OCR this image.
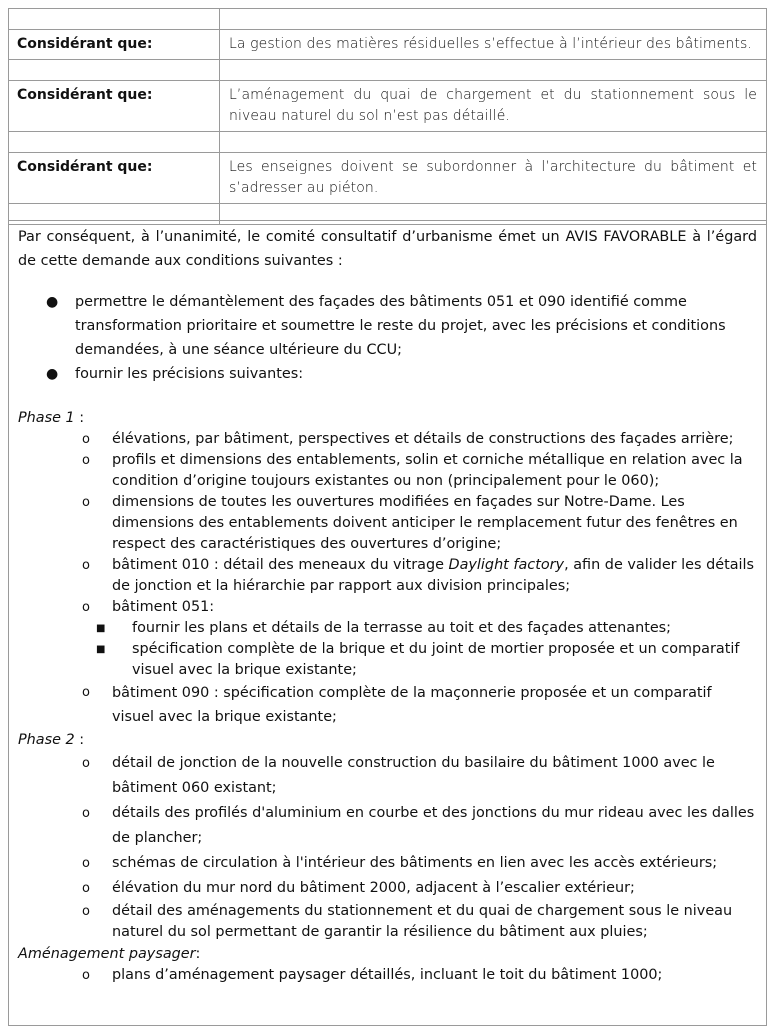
Considérant que:	La gestion des matières résiduelles s’effectue à l’intérieur des bâtiments.
Considérant que:	L’aménagement du quai de chargement et du stationnement sous le niveau naturel du sol n’est pas détaillé.
Considérant que:	Les enseignes doivent se subordonner à l’architecture du bâtiment et s’adresser au piéton.

Par conséquent, à l’unanimité, le comité consultatif d’urbanisme émet un AVIS FAVORABLE à l’égard de cette demande aux conditions suivantes :

● permettre le démantèlement des façades des bâtiments 051 et 090 identifié comme transformation prioritaire et soumettre le reste du projet, avec les précisions et conditions demandées, à une séance ultérieure du CCU;
● fournir les précisions suivantes:

Phase 1 :

o élévations, par bâtiment, perspectives et détails de constructions des façades arrière;
o profils et dimensions des entablements, solin et corniche métallique en relation avec la condition d’origine toujours existantes ou non (principalement pour le 060);
o dimensions de toutes les ouvertures modifiées en façades sur Notre-Dame. Les dimensions des entablements doivent anticiper le remplacement futur des fenêtres en respect des caractéristiques des ouvertures d’origine;
o bâtiment 010 : détail des meneaux du vitrage Daylight factory, afin de valider les détails de jonction et la hiérarchie par rapport aux division principales;
o bâtiment 051:
■ fournir les plans et détails de la terrasse au toit et des façades attenantes;
■ spécification complète de la brique et du joint de mortier proposée et un comparatif visuel avec la brique existante;
o bâtiment 090 : spécification complète de la maçonnerie proposée et un comparatif visuel avec la brique existante;

Phase 2 :

o détail de jonction de la nouvelle construction du basilaire du bâtiment 1000 avec le bâtiment 060 existant;
o détails des profilés d'aluminium en courbe et des jonctions du mur rideau avec les dalles de plancher;
o schémas de circulation à l'intérieur des bâtiments en lien avec les accès extérieurs;
o élévation du mur nord du bâtiment 2000, adjacent à l’escalier extérieur;
o détail des aménagements du stationnement et du quai de chargement sous le niveau naturel du sol permettant de garantir la résilience du bâtiment aux pluies;

Aménagement paysager:

o plans d’aménagement paysager détaillés, incluant le toit du bâtiment 1000;
